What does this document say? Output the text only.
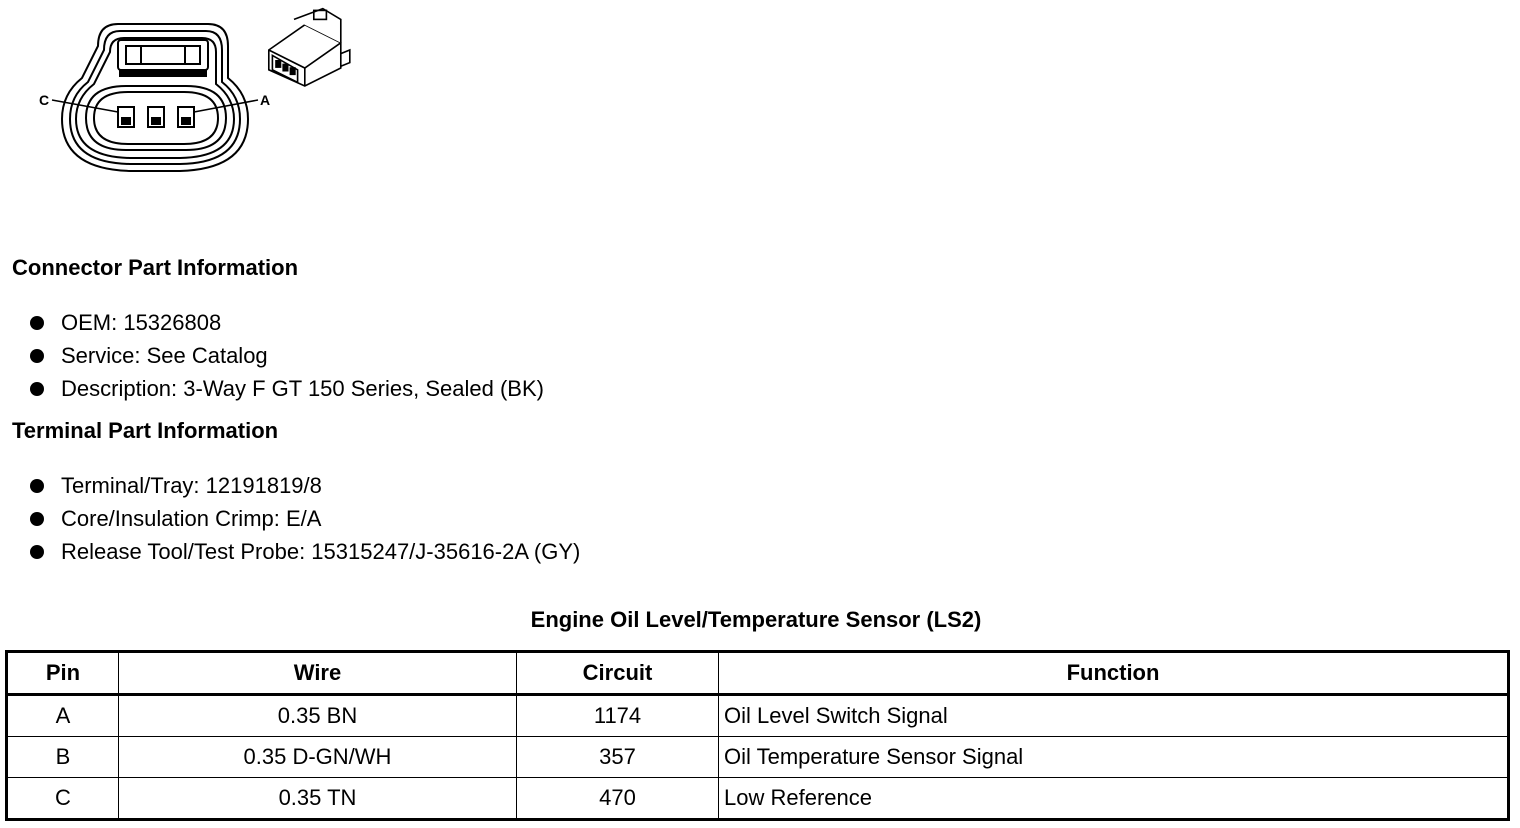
C	A
Connector Part Information
OEM: 15326808
Service: See Catalog
Description: 3-Way F GT 150 Series, Sealed (BK)
Terminal Part Information
Terminal/Tray: 12191819/8
Core/Insulation Crimp: E/A
Release Tool/Test Probe: 15315247/J-35616-2A (GY)
Engine Oil Level/Temperature Sensor (LS2)
Pin	Wire	Circuit	Function
A	0.35 BN	1174	Oil Level Switch Signal
B	0.35 D-GN/WH	357	Oil Temperature Sensor Signal
C	0.35 TN	470	Low Reference
